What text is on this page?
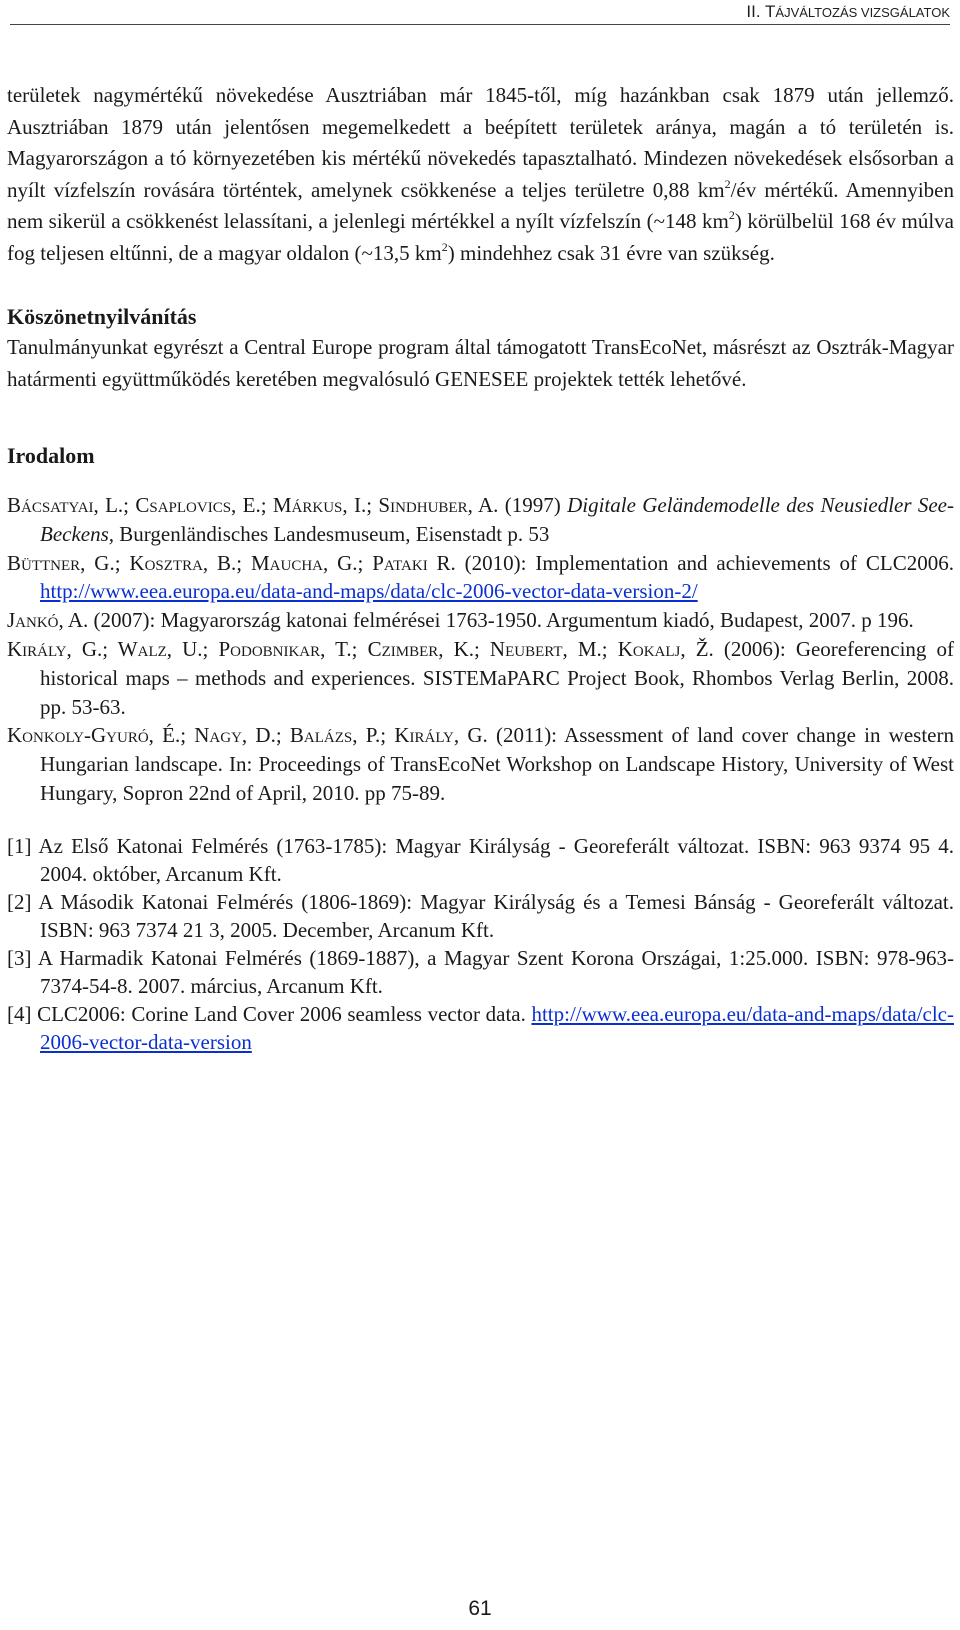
II. TÁJVÁLTOZÁS VIZSGÁLATOK

területek nagymértékű növekedése Ausztriában már 1845-től, míg hazánkban csak 1879 után jellemző. Ausztriában 1879 után jelentősen megemelkedett a beépített területek aránya, magán a tó területén is. Magyarországon a tó környezetében kis mértékű növekedés tapasztalható. Mindezen növekedések elsősorban a nyílt vízfelszín rovására történtek, amelynek csökkenése a teljes területre 0,88 $km^2/év$ mértékű. Amennyiben nem sikerül a csökkenést lelassítani, a jelenlegi mértékkel a nyílt vízfelszín (~148 $km^2$) körülbelül 168 év múlva fog teljesen eltűnni, de a magyar oldalon (~13,5 $km^2$) mindehhez csak 31 évre van szükség.

Köszönetnyilvánítás

Tanulmányunkat egyrészt a Central Europe program által támogatott TransEcoNet, másrészt az Osztrák-Magyar határmenti együttműködés keretében megvalósuló GENESEE projektek tették lehetővé.

Irodalom

Bácsatyai, L.; Csaplovics, E.; Márkus, I.; Sindhuber, A. (1997) Digitale Geländemodelle des Neusiedler See-Beckens, Burgenländisches Landesmuseum, Eisenstadt p. 53

Büttner, G.; Kosztra, B.; Maucha, G.; Pataki R. (2010): Implementation and achievements of CLC2006. http://www.eea.europa.eu/data-and-maps/data/clc-2006-vector-data-version-2/

Jankó, A. (2007): Magyarország katonai felmérései 1763-1950. Argumentum kiadó, Budapest, 2007. p 196.

Király, G.; Walz, U.; Podobnikar, T.; Czimber, K.; Neubert, M.; Kokalj, Ž. (2006): Georeferencing of historical maps – methods and experiences. SISTEMaPARC Project Book, Rhombos Verlag Berlin, 2008. pp. 53-63.

Konkoly-Gyuró, É.; Nagy, D.; Balázs, P.; Király, G. (2011): Assessment of land cover change in western Hungarian landscape. In: Proceedings of TransEcoNet Workshop on Landscape History, University of West Hungary, Sopron 22nd of April, 2010. pp 75-89.

[1] Az Első Katonai Felmérés (1763-1785): Magyar Királyság - Georeferált változat. ISBN: 963 9374 95 4. 2004. október, Arcanum Kft.

[2] A Második Katonai Felmérés (1806-1869): Magyar Királyság és a Temesi Bánság - Georeferált változat. ISBN: 963 7374 21 3, 2005. December, Arcanum Kft.

[3] A Harmadik Katonai Felmérés (1869-1887), a Magyar Szent Korona Országai, 1:25.000. ISBN: 978-963-7374-54-8. 2007. március, Arcanum Kft.

[4] CLC2006: Corine Land Cover 2006 seamless vector data. http://www.eea.europa.eu/data-and-maps/data/clc-2006-vector-data-version

61
